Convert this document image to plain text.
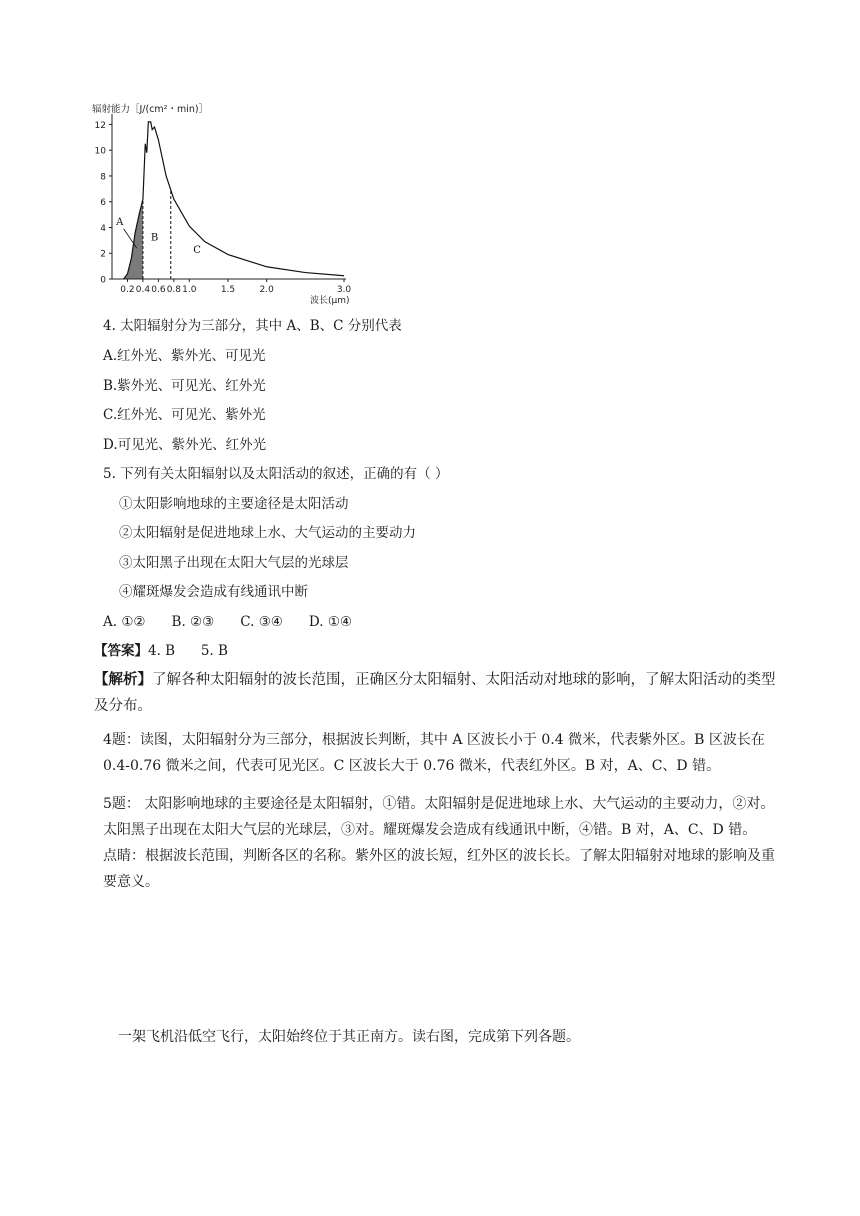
辐射能力［J/(cm²・min)］
0
2
4
6
8
10
12
0.2 0.4 0.6 0.8 1.0	1.5	2.0	3.0
A
B
C
波长(μm)
4. 太阳辐射分为三部分，其中 A、B、C 分别代表
A.红外光、紫外光、可见光
B.紫外光、可见光、红外光
C.红外光、可见光、紫外光
D.可见光、紫外光、红外光
5. 下列有关太阳辐射以及太阳活动的叙述，正确的有（ ）
①太阳影响地球的主要途径是太阳活动
②太阳辐射是促进地球上水、大气运动的主要动力
③太阳黑子出现在太阳大气层的光球层
④耀斑爆发会造成有线通讯中断
A. ①② B. ②③ C. ③④ D. ①④
【答案】4. B      5. B
【解析】了解各种太阳辐射的波长范围，正确区分太阳辐射、太阳活动对地球的影响，了解太阳活动的类型及分布。
4题：读图，太阳辐射分为三部分，根据波长判断，其中 A 区波长小于 0.4 微米，代表紫外区。B 区波长在 0.4-0.76 微米之间，代表可见光区。C 区波长大于 0.76 微米，代表红外区。B 对，A、C、D 错。
5题： 太阳影响地球的主要途径是太阳辐射，①错。太阳辐射是促进地球上水、大气运动的主要动力，②对。太阳黑子出现在太阳大气层的光球层，③对。耀斑爆发会造成有线通讯中断，④错。B 对，A、C、D 错。
点睛：根据波长范围，判断各区的名称。紫外区的波长短，红外区的波长长。了解太阳辐射对地球的影响及重要意义。
一架飞机沿低空飞行，太阳始终位于其正南方。读右图，完成第下列各题。
